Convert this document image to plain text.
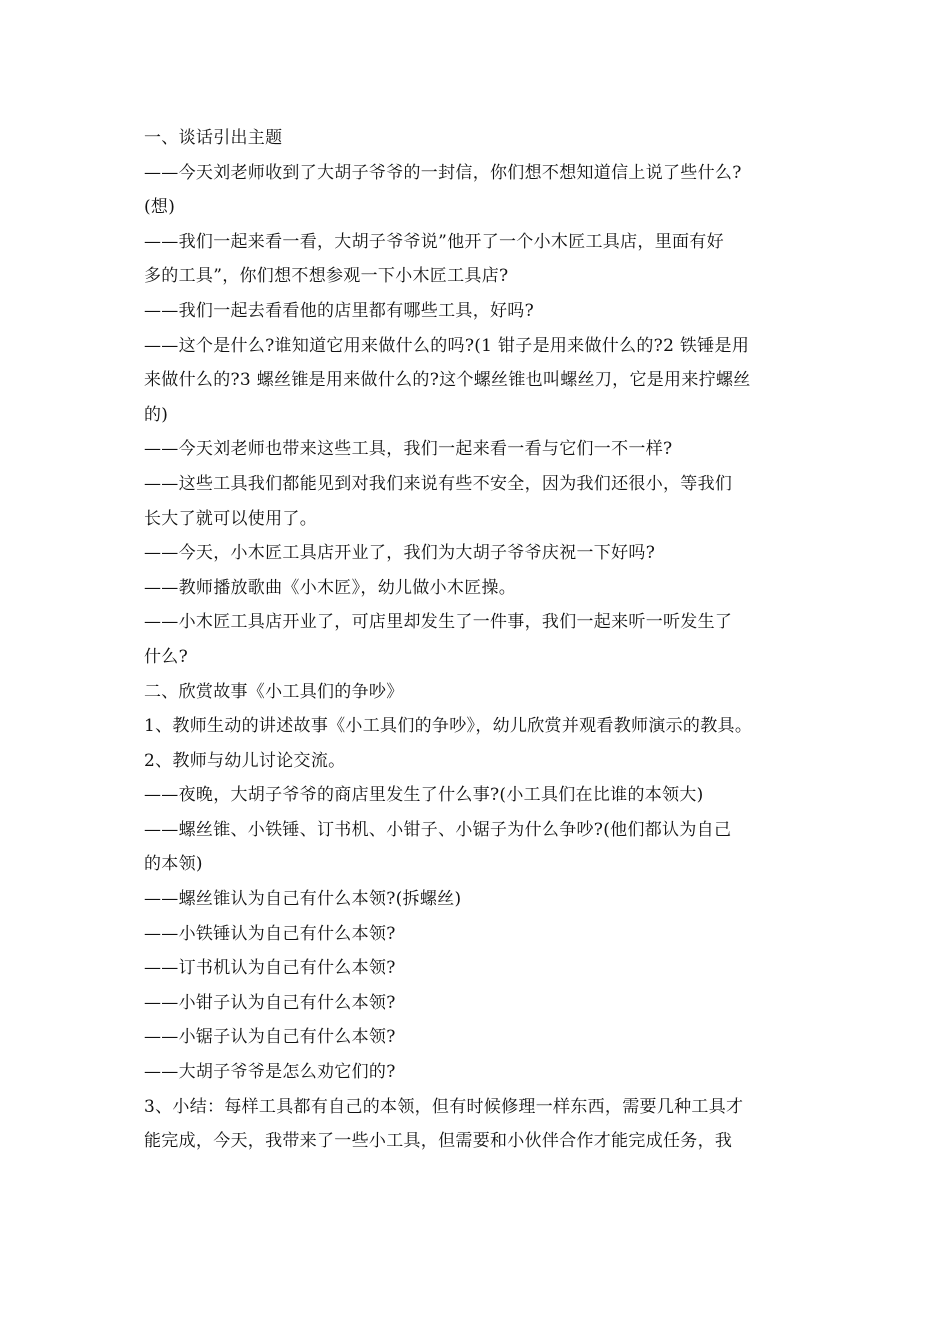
一、谈话引出主题
——今天刘老师收到了大胡子爷爷的一封信，你们想不想知道信上说了些什么?
(想)
——我们一起来看一看，大胡子爷爷说”他开了一个小木匠工具店，里面有好
多的工具”，你们想不想参观一下小木匠工具店?
——我们一起去看看他的店里都有哪些工具，好吗?
——这个是什么?谁知道它用来做什么的吗?(1 钳子是用来做什么的?2 铁锤是用
来做什么的?3 螺丝锥是用来做什么的?这个螺丝锥也叫螺丝刀，它是用来拧螺丝
的)
——今天刘老师也带来这些工具，我们一起来看一看与它们一不一样?
——这些工具我们都能见到对我们来说有些不安全，因为我们还很小，等我们
长大了就可以使用了。
——今天，小木匠工具店开业了，我们为大胡子爷爷庆祝一下好吗?
——教师播放歌曲《小木匠》，幼儿做小木匠操。
——小木匠工具店开业了，可店里却发生了一件事，我们一起来听一听发生了
什么?
二、欣赏故事《小工具们的争吵》
1、教师生动的讲述故事《小工具们的争吵》，幼儿欣赏并观看教师演示的教具。
2、教师与幼儿讨论交流。
——夜晚，大胡子爷爷的商店里发生了什么事?(小工具们在比谁的本领大)
——螺丝锥、小铁锤、订书机、小钳子、小锯子为什么争吵?(他们都认为自己
的本领)
——螺丝锥认为自己有什么本领?(拆螺丝)
——小铁锤认为自己有什么本领?
——订书机认为自己有什么本领?
——小钳子认为自己有什么本领?
——小锯子认为自己有什么本领?
——大胡子爷爷是怎么劝它们的?
3、小结：每样工具都有自己的本领，但有时候修理一样东西，需要几种工具才
能完成，今天，我带来了一些小工具，但需要和小伙伴合作才能完成任务，我
